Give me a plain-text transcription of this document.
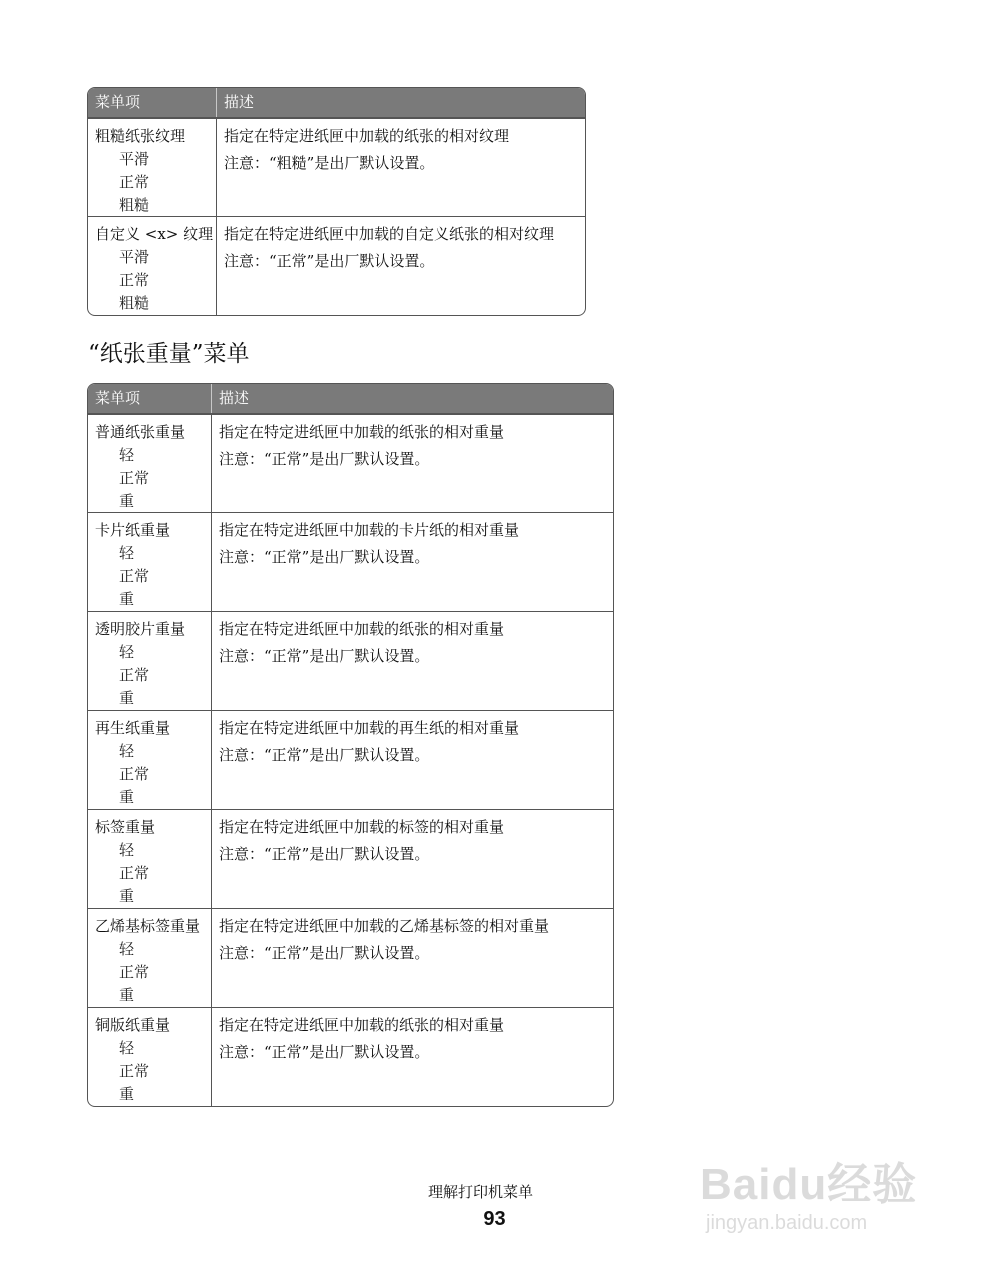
菜单项	描述
粗糙纸张纹理
平滑
正常
粗糙
指定在特定进纸匣中加载的纸张的相对纹理
注意：“粗糙”是出厂默认设置。
自定义 <x> 纹理
平滑
正常
粗糙
指定在特定进纸匣中加载的自定义纸张的相对纹理
注意：“正常”是出厂默认设置。
“纸张重量”菜单
菜单项	描述
普通纸张重量
轻
正常
重
指定在特定进纸匣中加载的纸张的相对重量
注意：“正常”是出厂默认设置。
卡片纸重量
轻
正常
重
指定在特定进纸匣中加载的卡片纸的相对重量
注意：“正常”是出厂默认设置。
透明胶片重量
轻
正常
重
指定在特定进纸匣中加载的纸张的相对重量
注意：“正常”是出厂默认设置。
再生纸重量
轻
正常
重
指定在特定进纸匣中加载的再生纸的相对重量
注意：“正常”是出厂默认设置。
标签重量
轻
正常
重
指定在特定进纸匣中加载的标签的相对重量
注意：“正常”是出厂默认设置。
乙烯基标签重量
轻
正常
重
指定在特定进纸匣中加载的乙烯基标签的相对重量
注意：“正常”是出厂默认设置。
铜版纸重量
轻
正常
重
指定在特定进纸匣中加载的纸张的相对重量
注意：“正常”是出厂默认设置。
理解打印机菜单
93
Baidu经验
jingyan.baidu.com
